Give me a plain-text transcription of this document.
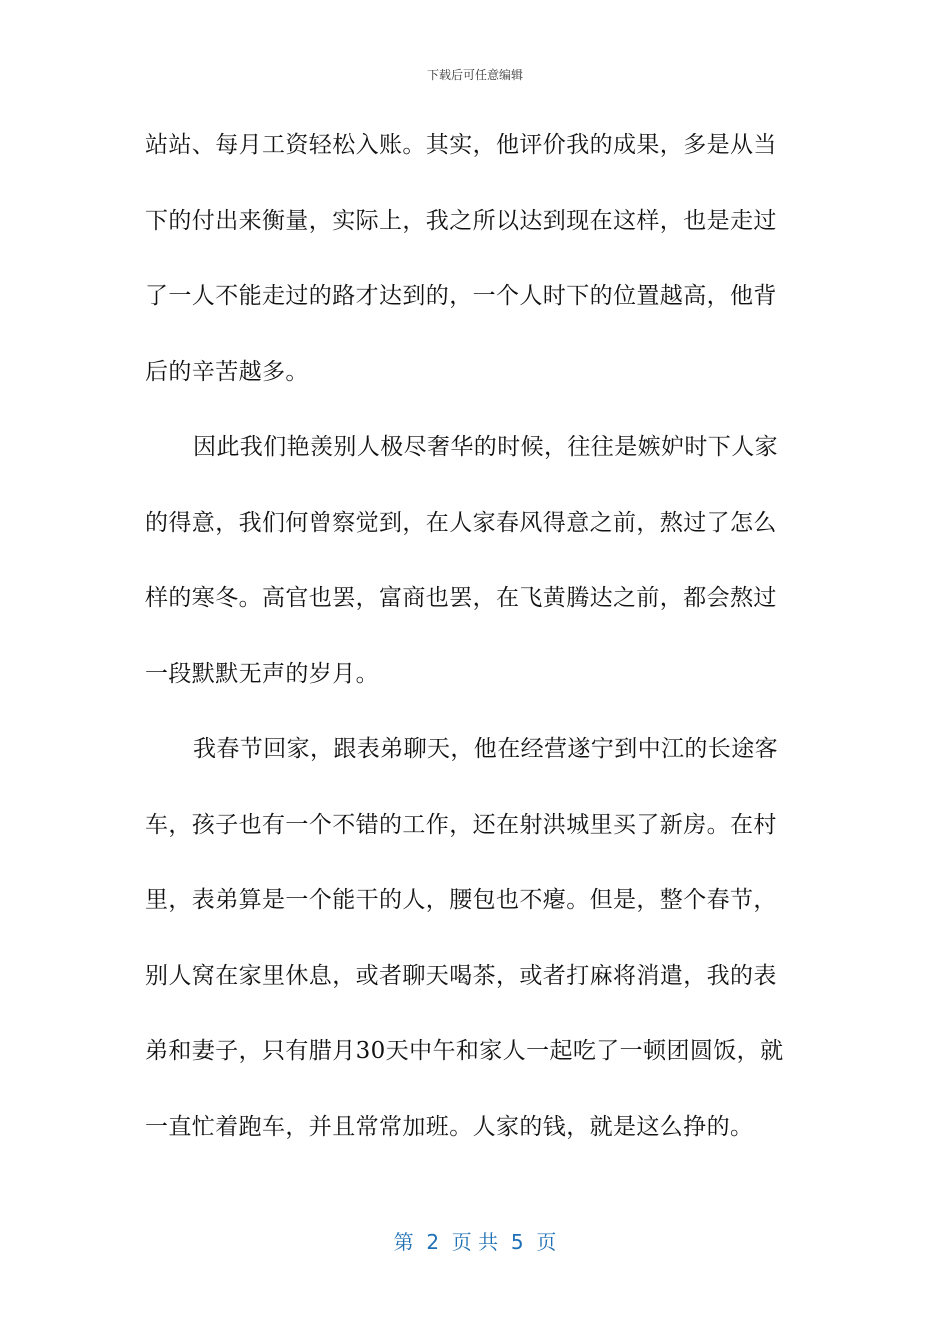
下载后可任意编辑
站站、每月工资轻松入账。其实，他评价我的成果，多是从当
下的付出来衡量，实际上，我之所以达到现在这样，也是走过
了一人不能走过的路才达到的，一个人时下的位置越高，他背
后的辛苦越多。
因此我们艳羡别人极尽奢华的时候，往往是嫉妒时下人家
的得意，我们何曾察觉到，在人家春风得意之前，熬过了怎么
样的寒冬。高官也罢，富商也罢，在飞黄腾达之前，都会熬过
一段默默无声的岁月。
我春节回家，跟表弟聊天，他在经营遂宁到中江的长途客
车，孩子也有一个不错的工作，还在射洪城里买了新房。在村
里，表弟算是一个能干的人，腰包也不瘪。但是，整个春节，
别人窝在家里休息，或者聊天喝茶，或者打麻将消遣，我的表
弟和妻子，只有腊月30天中午和家人一起吃了一顿团圆饭，就
一直忙着跑车，并且常常加班。人家的钱，就是这么挣的。
第  2  页 共  5  页
